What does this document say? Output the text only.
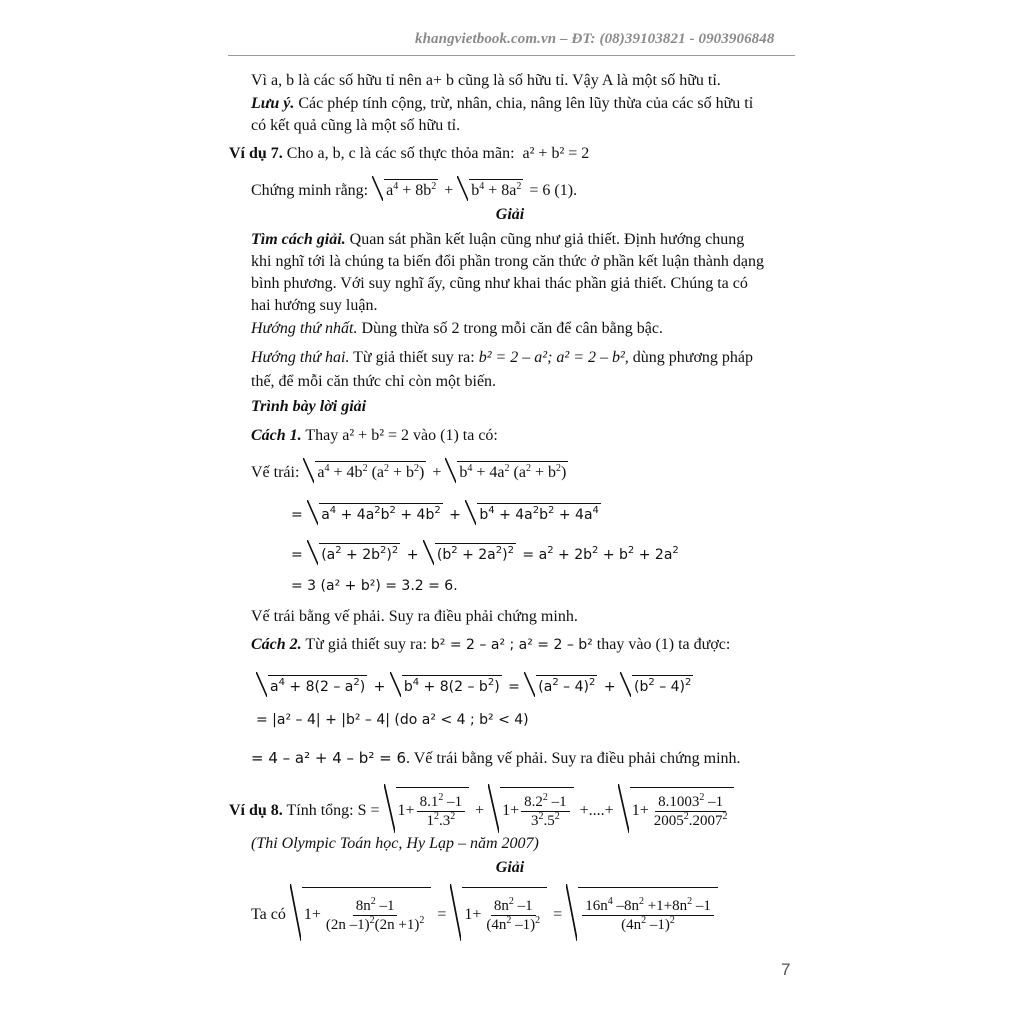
khangvietbook.com.vn – ĐT: (08)39103821 - 0903906848
Vì a, b là các số hữu tỉ nên a+ b cũng là số hữu tỉ. Vậy A là một số hữu tỉ.
Lưu ý. Các phép tính cộng, trừ, nhân, chia, nâng lên lũy thừa của các số hữu tỉ
có kết quả cũng là một số hữu tỉ.
Ví dụ 7. Cho a, b, c là các số thực thỏa mãn: a² + b² = 2
Chứng minh rằng: $a^4 + 8b^2 + b^4 + 8a^2 = 6$ (1).
Giải
Tìm cách giải. Quan sát phần kết luận cũng như giả thiết. Định hướng chung
khi nghĩ tới là chúng ta biến đổi phần trong căn thức ở phần kết luận thành dạng
bình phương. Với suy nghĩ ấy, cũng như khai thác phần giả thiết. Chúng ta có
hai hướng suy luận.
Hướng thứ nhất. Dùng thừa số 2 trong mỗi căn để cân bằng bậc.
Hướng thứ hai. Từ giả thiết suy ra: b² = 2 – a²; a² = 2 – b², dùng phương pháp
thế, để mỗi căn thức chỉ còn một biến.
Trình bày lời giải
Cách 1. Thay a² + b² = 2 vào (1) ta có:
Vế trái: $a^4 + 4b^2$ $(a^2 + b^2) + b^4 + 4a^2$ $(a^2 + b^2)$
= $a^4 + 4a^2b^2 + 4b^2 + b^4 + 4a^2b^2 + 4a^4$
= $(a^2 + 2b^2)^2 + (b^2 + 2a^2)^2 = a^2 + 2b^2 + b^2 + 2a^2$
= 3 (a² + b²) = 3.2 = 6.
Vế trái bằng vế phải. Suy ra điều phải chứng minh.
Cách 2. Từ giả thiết suy ra: b² = 2 – a² ; a² = 2 – b² thay vào (1) ta được:
$a^4 + 8(2 - a^2) + b^4 + 8(2 - b^2) = (a^2 - 4)^2 + (b^2 - 4)^2$
= |a² – 4| + |b² – 4| (do a² < 4 ; b² < 4)
= 4 – a² + 4 – b² = 6. Vế trái bằng vế phải. Suy ra điều phải chứng minh.
Ví dụ 8. Tính tổng: $S = 1+ \frac{8.1^2 -1}{1^2.3^2} + 1+ \frac{8.2^2 -1}{3^2.5^2}$ +....+ $1+ \frac{8.1003^2 -1}{2005^2.2007^2}$
(Thi Olympic Toán học, Hy Lạp – năm 2007)
Giải
Ta có $1+ \frac{8n^2 -1}{(2n -1)^2(2n +1)^2} = 1+ \frac{8n^2 -1}{(4n^2 -1)^2} = \frac{16n^4 -8n^2 +1+8n^2 -1}{(4n^2 -1)^2}$
7
